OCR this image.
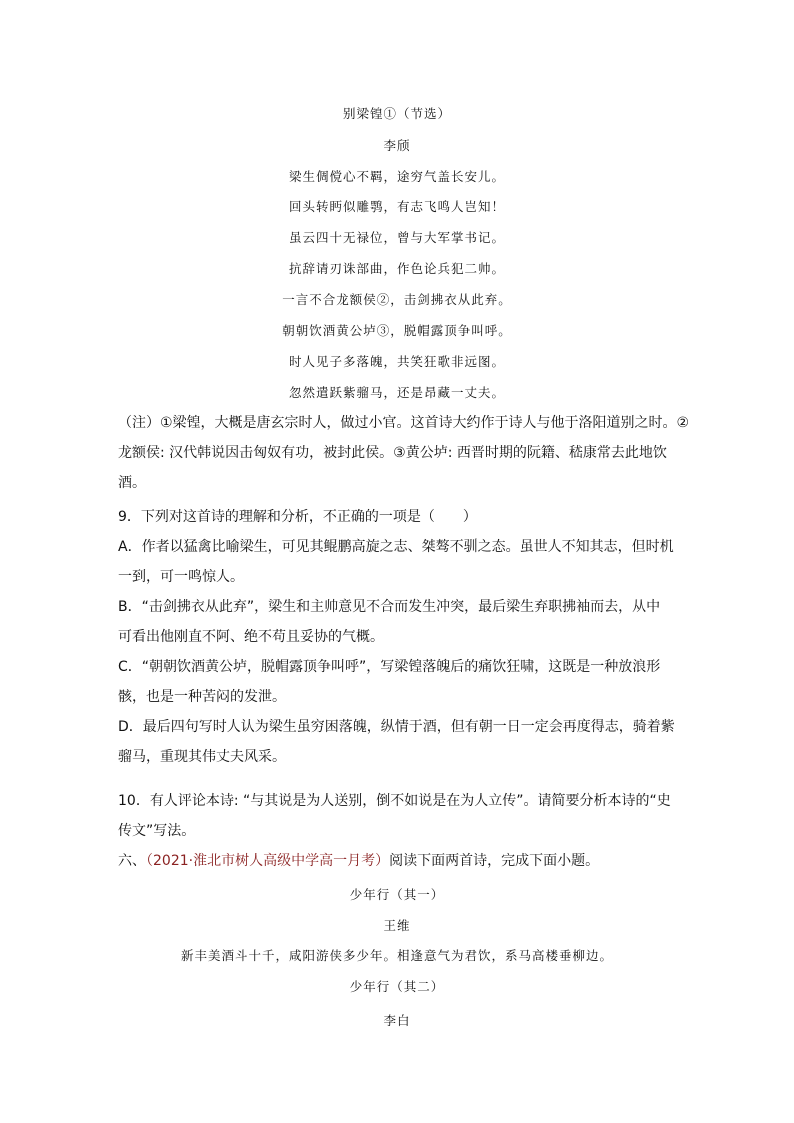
别梁锽①（节选）
李颀
梁生倜傥心不羁，途穷气盖长安儿。
回头转眄似雕鹗，有志飞鸣人岂知！
虽云四十无禄位，曾与大军掌书记。
抗辞请刃诛部曲，作色论兵犯二帅。
一言不合龙额侯②，击剑拂衣从此弃。
朝朝饮酒黄公垆③，脱帽露顶争叫呼。
时人见子多落魄，共笑狂歌非远图。
忽然遣跃紫骝马，还是昂藏一丈夫。
（注）①梁锽，大概是唐玄宗时人，做过小官。这首诗大约作于诗人与他于洛阳道别之时。②
龙额侯: 汉代韩说因击匈奴有功，被封此侯。③黄公垆: 西晋时期的阮籍、嵇康常去此地饮
酒。
9．下列对这首诗的理解和分析，不正确的一项是（　　）
A．作者以猛禽比喻梁生，可见其鲲鹏高旋之志、桀骜不驯之态。虽世人不知其志，但时机
一到，可一鸣惊人。
B．“击剑拂衣从此弃”，梁生和主帅意见不合而发生冲突，最后梁生弃职拂袖而去，从中
可看出他刚直不阿、绝不苟且妥协的气概。
C．“朝朝饮酒黄公垆，脱帽露顶争叫呼”，写梁锽落魄后的痛饮狂啸，这既是一种放浪形
骸，也是一种苦闷的发泄。
D．最后四句写时人认为梁生虽穷困落魄，纵情于酒，但有朝一日一定会再度得志，骑着紫
骝马，重现其伟丈夫风采。
10．有人评论本诗: “与其说是为人送别，倒不如说是在为人立传”。请简要分析本诗的“史
传文”写法。
六、（2021·淮北市树人高级中学高一月考）阅读下面两首诗，完成下面小题。
少年行（其一）
王维
新丰美酒斗十千，咸阳游侠多少年。相逢意气为君饮，系马高楼垂柳边。
少年行（其二）
李白
